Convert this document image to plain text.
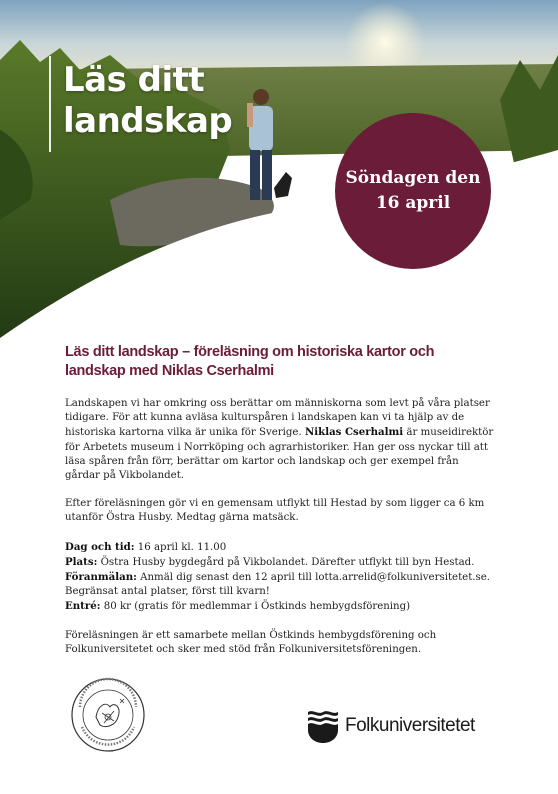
Läs ditt
landskap
Söndagen den
16 april
Läs ditt landskap – föreläsning om historiska kartor och landskap med Niklas Cserhalmi

Landskapen vi har omkring oss berättar om människorna som levt på våra platser tidigare. För att kunna avläsa kulturspåren i landskapen kan vi ta hjälp av de historiska kartorna vilka är unika för Sverige. Niklas Cserhalmi är museidirektör för Arbetets museum i Norrköping och agrarhistoriker. Han ger oss nyckar till att läsa spåren från förr, berättar om kartor och landskap och ger exempel från gårdar på Vikbolandet.

Efter föreläsningen gör vi en gemensam utflykt till Hestad by som ligger ca 6 km utanför Östra Husby. Medtag gärna matsäck.

Dag och tid: 16 april kl. 11.00
Plats: Östra Husby bygdegård på Vikbolandet. Därefter utflykt till byn Hestad.
Föranmälan: Anmäl dig senast den 12 april till lotta.arrelid@folkuniversitetet.se. Begränsat antal platser, först till kvarn!
Entré: 80 kr (gratis för medlemmar i Östkinds hembygdsförening)

Föreläsningen är ett samarbete mellan Östkinds hembygdsförening och Folkuniversitetet och sker med stöd från Folkuniversitetsföreningen.

Folkuniversitetet
